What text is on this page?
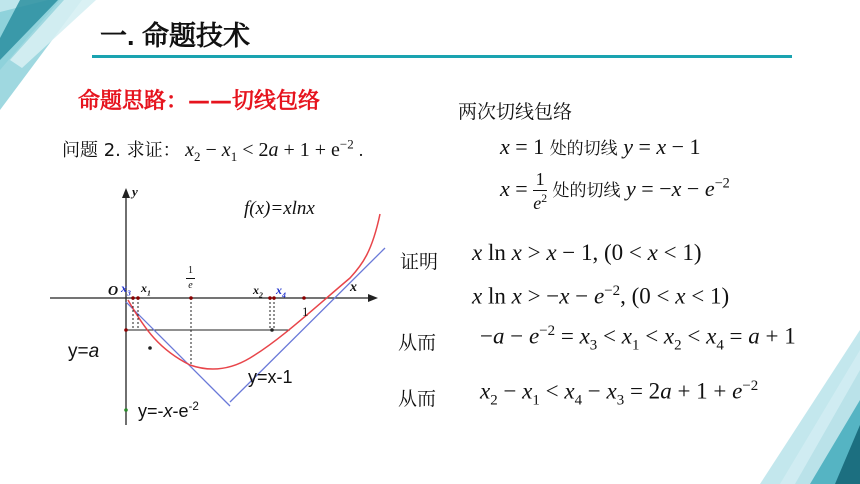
一. 命题技术
命题思路：——切线包络
问题 2. 求证： $x_2 - x_1 < 2a + 1 + e^{-2}$ .
y
x
O $x_3$ $x_1$
$\frac{1}{e}$	$x_2$ $x_4$
1
f(x)=xlnx
y=a
y=x-1
$y=-x-e^{-2}$
两次切线包络
x = 1 处的切线 y = x − 1
$x = \frac{1}{e^2}$ 处的切线 $y = -x - e^{-2}$
证明 x ln x > x − 1, (0 < x < 1)
x $\ln x > -x - e^{-2}$, (0 < x < 1)
从而 $-a - e^{-2} = x_3 < x_1 < x_2 < x_4 = a + 1$
从而 $x_2 - x_1 < x_4 - x_3 = 2a + 1 + e^{-2}$
